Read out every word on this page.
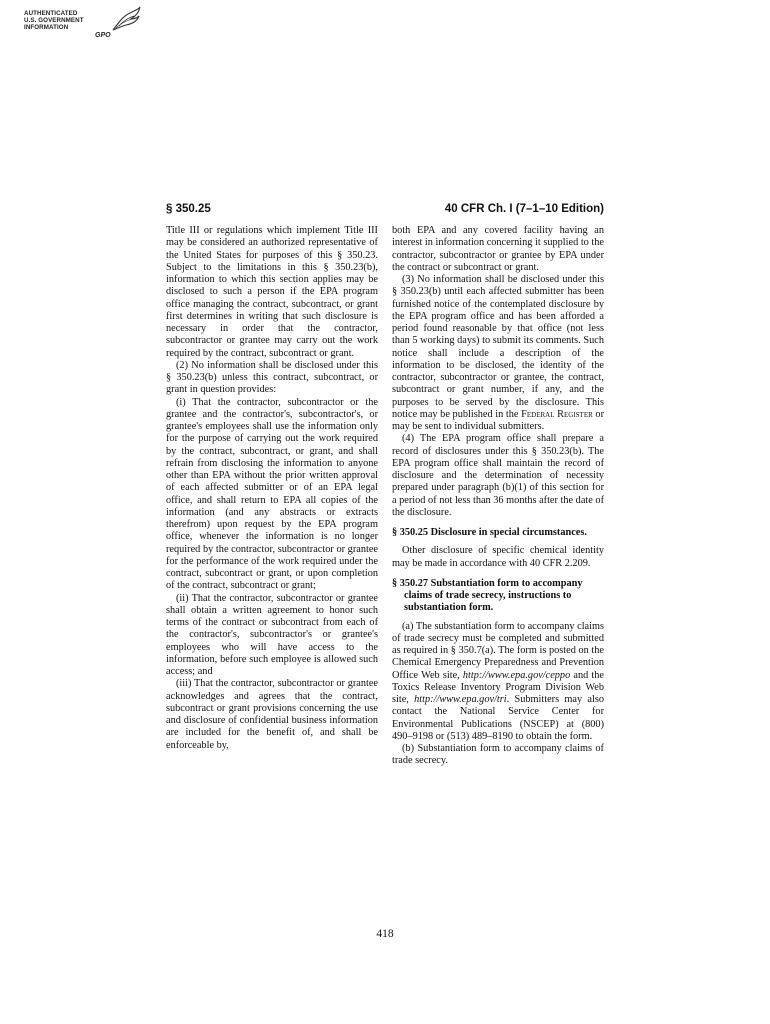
AUTHENTICATED
U.S. GOVERNMENT
INFORMATION
GPO
§ 350.25	40 CFR Ch. I (7–1–10 Edition)

Title III or regulations which implement Title III may be considered an authorized representative of the United States for purposes of this § 350.23. Subject to the limitations in this § 350.23(b), information to which this section applies may be disclosed to such a person if the EPA program office managing the contract, subcontract, or grant first determines in writing that such disclosure is necessary in order that the contractor, subcontractor or grantee may carry out the work required by the contract, subcontract or grant.

(2) No information shall be disclosed under this § 350.23(b) unless this contract, subcontract, or grant in question provides:

(i) That the contractor, subcontractor or the grantee and the contractor's, subcontractor's, or grantee's employees shall use the information only for the purpose of carrying out the work required by the contract, subcontract, or grant, and shall refrain from disclosing the information to anyone other than EPA without the prior written approval of each affected submitter or of an EPA legal office, and shall return to EPA all copies of the information (and any abstracts or extracts therefrom) upon request by the EPA program office, whenever the information is no longer required by the contractor, subcontractor or grantee for the performance of the work required under the contract, subcontract or grant, or upon completion of the contract, subcontract or grant;

(ii) That the contractor, subcontractor or grantee shall obtain a written agreement to honor such terms of the contract or subcontract from each of the contractor's, subcontractor's or grantee's employees who will have access to the information, before such employee is allowed such access; and

(iii) That the contractor, subcontractor or grantee acknowledges and agrees that the contract, subcontract or grant provisions concerning the use and disclosure of confidential business information are included for the benefit of, and shall be enforceable by,

both EPA and any covered facility having an interest in information concerning it supplied to the contractor, subcontractor or grantee by EPA under the contract or subcontract or grant.

(3) No information shall be disclosed under this § 350.23(b) until each affected submitter has been furnished notice of the contemplated disclosure by the EPA program office and has been afforded a period found reasonable by that office (not less than 5 working days) to submit its comments. Such notice shall include a description of the information to be disclosed, the identity of the contractor, subcontractor or grantee, the contract, subcontract or grant number, if any, and the purposes to be served by the disclosure. This notice may be published in the Federal Register or may be sent to individual submitters.

(4) The EPA program office shall prepare a record of disclosures under this § 350.23(b). The EPA program office shall maintain the record of disclosure and the determination of necessity prepared under paragraph (b)(1) of this section for a period of not less than 36 months after the date of the disclosure.

§ 350.25 Disclosure in special circumstances.

Other disclosure of specific chemical identity may be made in accordance with 40 CFR 2.209.

§ 350.27 Substantiation form to accompany claims of trade secrecy, instructions to substantiation form.

(a) The substantiation form to accompany claims of trade secrecy must be completed and submitted as required in § 350.7(a). The form is posted on the Chemical Emergency Preparedness and Prevention Office Web site, http://www.epa.gov/ceppo and the Toxics Release Inventory Program Division Web site, http://www.epa.gov/tri. Submitters may also contact the National Service Center for Environmental Publications (NSCEP) at (800) 490–9198 or (513) 489–8190 to obtain the form.

(b) Substantiation form to accompany claims of trade secrecy.

418
